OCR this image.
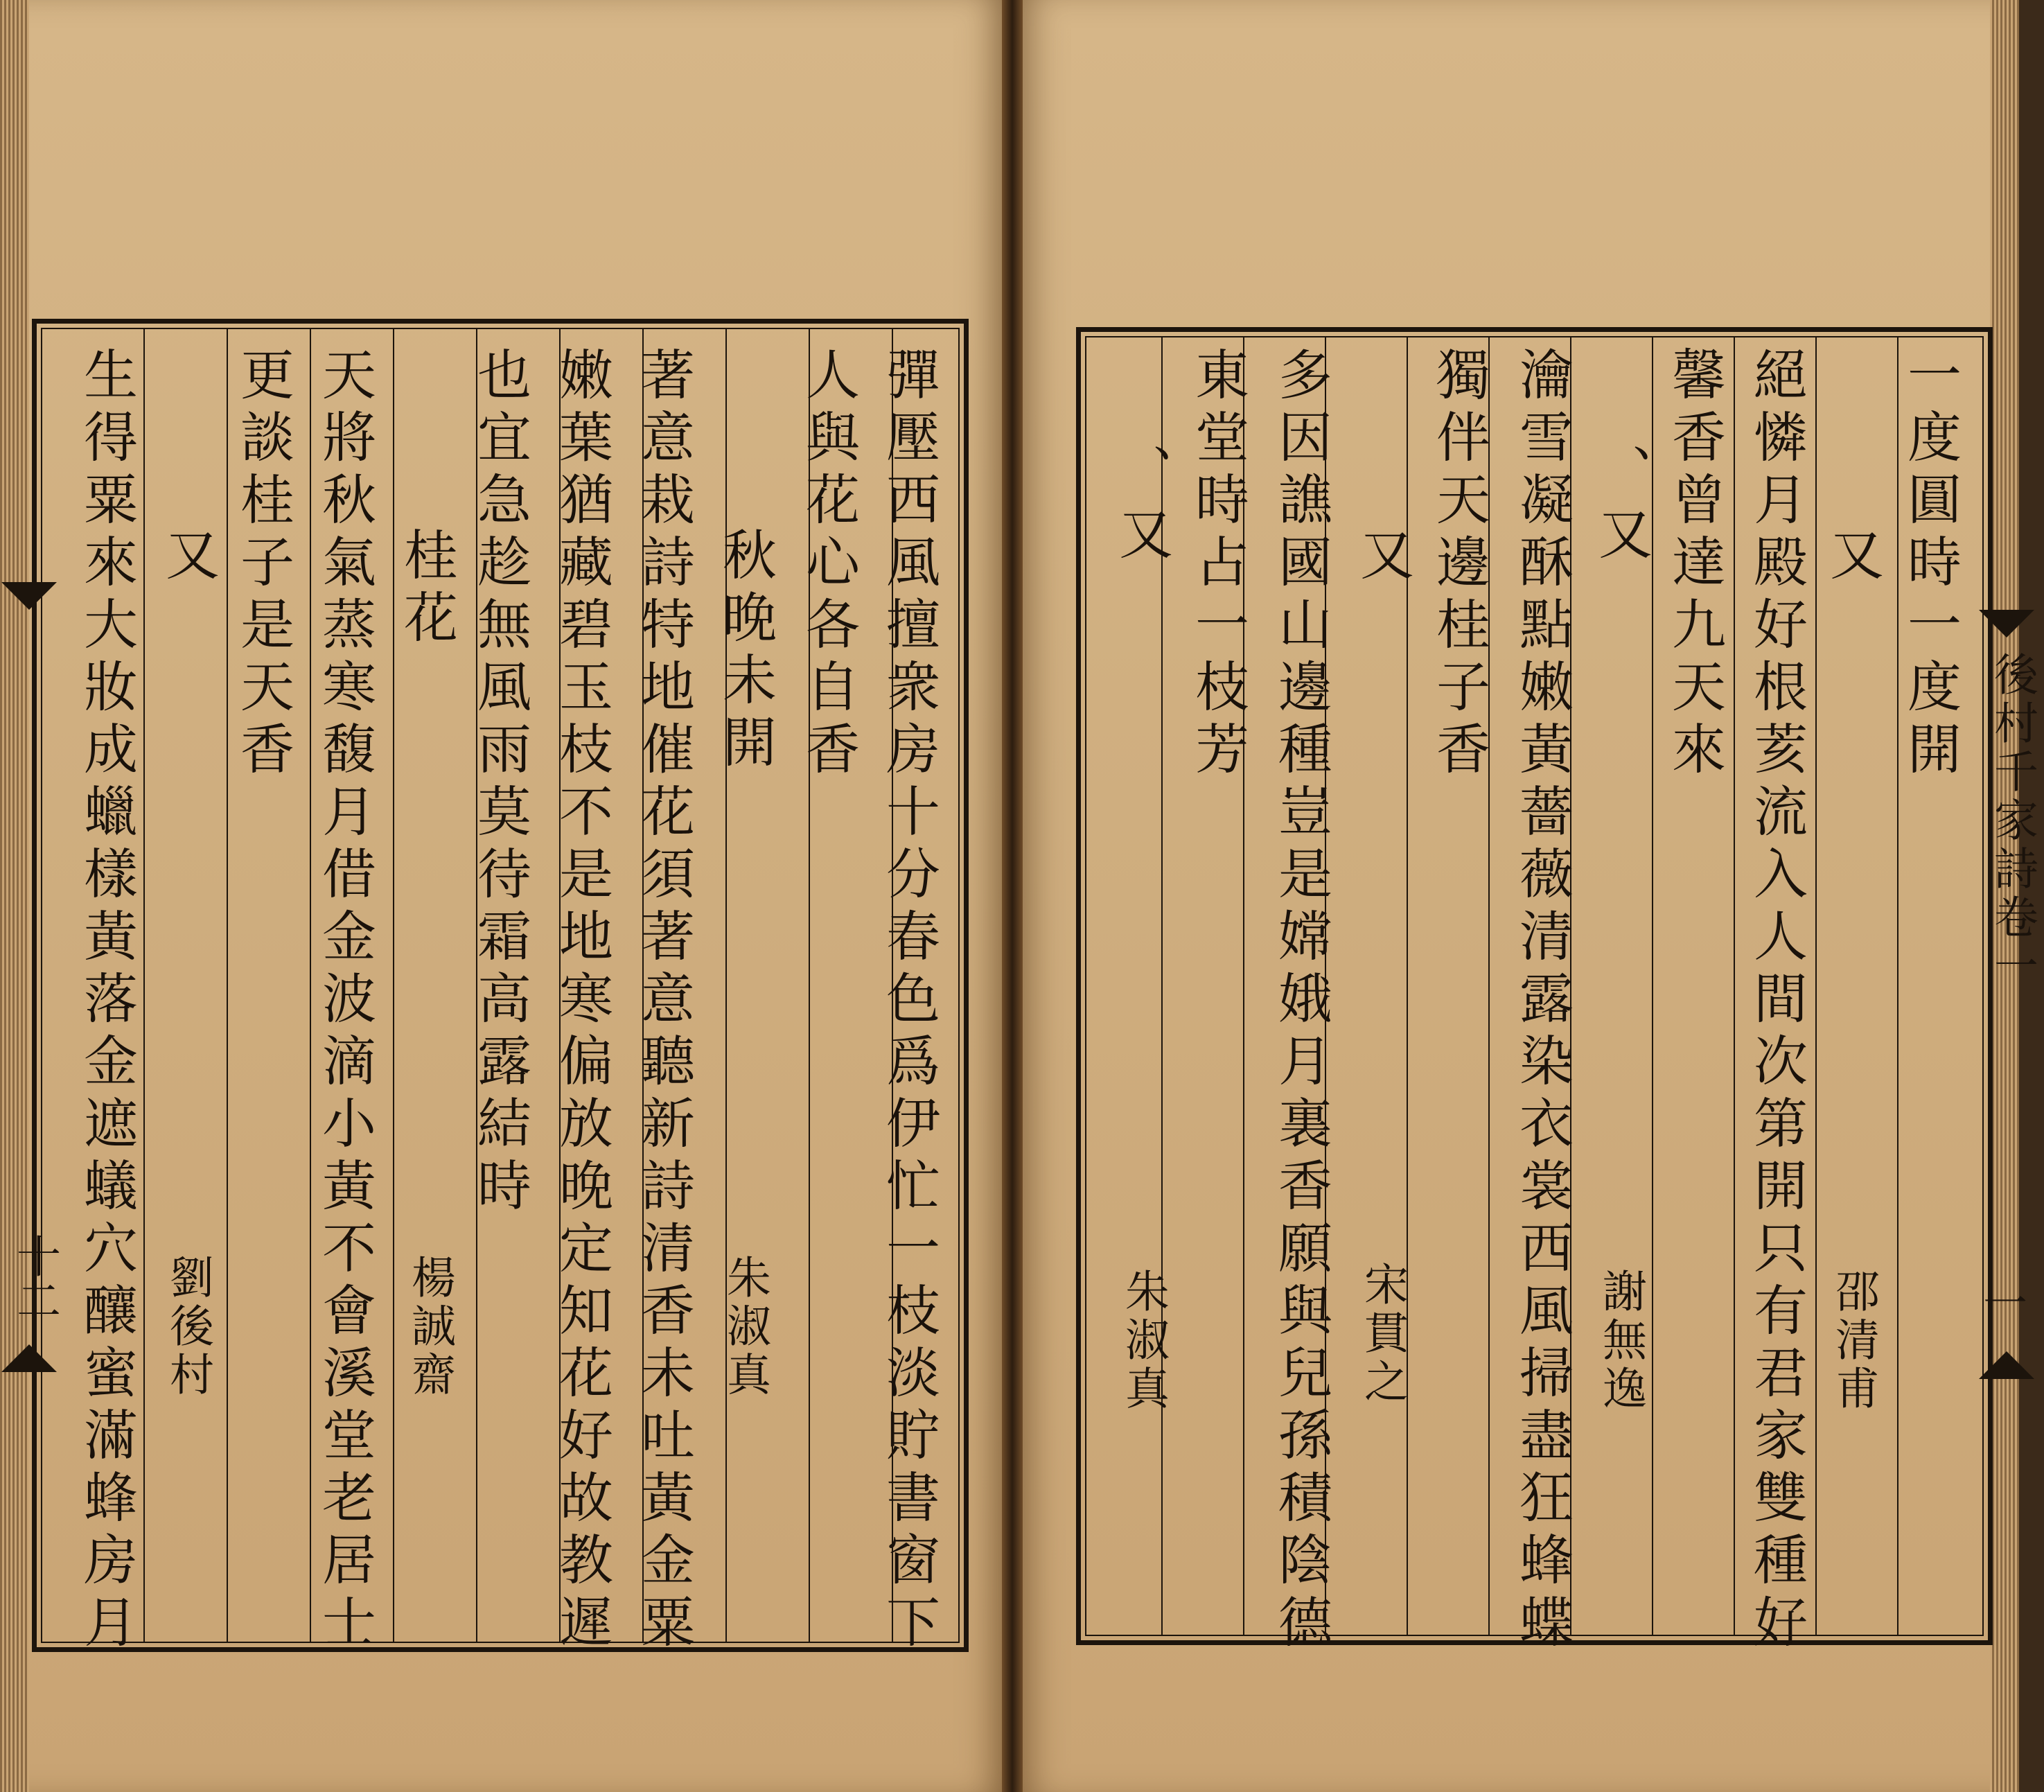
一度圓時一度開
又
邵清甫
絕憐月殿好根荄流入人間次第開只有君家雙種好
馨香曾達九天來
、又
謝無逸
瀹雪凝酥點嫩黃薔薇清露染衣裳西風掃盡狂蜂蝶
獨伴天邊桂子香
又
宋貫之
多因譙國山邊種豈是嫦娥月裏香願與兒孫積陰德
東堂時占一枝芳
、又
朱淑真
後村千家詩卷一
一
彈壓西風擅衆房十分春色爲伊忙一枝淡貯書窗下
人與花心各自香
秋晚未開
朱淑真
著意栽詩特地催花須著意聽新詩清香未吐黃金粟
嫩葉猶藏碧玉枝不是地寒偏放晚定知花好故教遲
也宜急趁無風雨莫待霜高露結時
桂花
楊誠齋
天將秋氣蒸寒馥月借金波滴小黃不會溪堂老居士
更談桂子是天香
又
劉後村
生得粟來大妝成蠟樣黃落金遮蟻穴釀蜜滿蜂房月
十二
